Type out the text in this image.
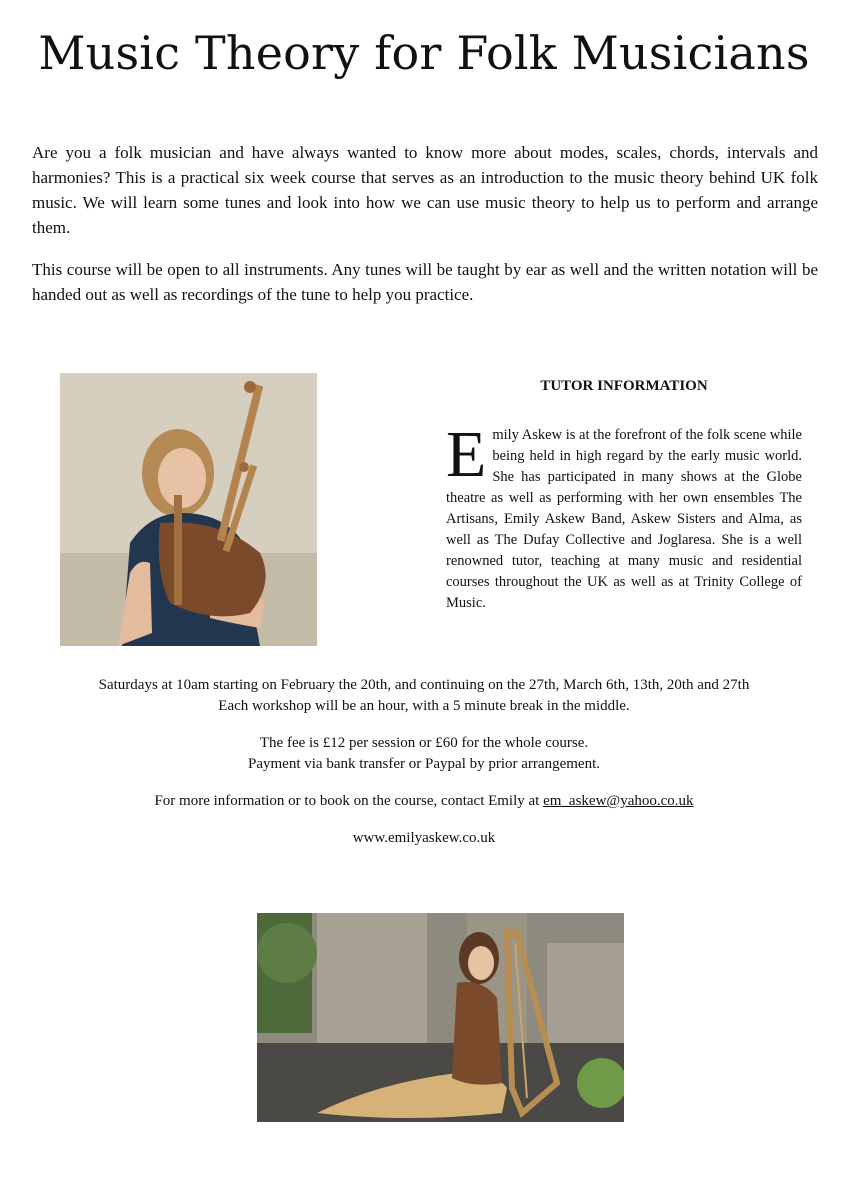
Music Theory for Folk Musicians

Are you a folk musician and have always wanted to know more about modes, scales, chords, intervals and harmonies? This is a practical six week course that serves as an introduction to the music theory behind UK folk music. We will learn some tunes and look into how we can use music theory to help us to perform and arrange them.

This course will be open to all instruments. Any tunes will be taught by ear as well and the written notation will be handed out as well as recordings of the tune to help you practice.

TUTOR INFORMATION

Emily Askew is at the forefront of the folk scene while being held in high regard by the early music world. She has participated in many shows at the Globe theatre as well as performing with her own ensembles The Artisans, Emily Askew Band, Askew Sisters and Alma, as well as The Dufay Collective and Joglaresa. She is a well renowned tutor, teaching at many music and residential courses throughout the UK as well as at Trinity College of Music.

Saturdays at 10am starting on February the 20th, and continuing on the 27th, March 6th, 13th, 20th and 27th

Each workshop will be an hour, with a 5 minute break in the middle.

The fee is £12 per session or £60 for the whole course.

Payment via bank transfer or Paypal by prior arrangement.

For more information or to book on the course, contact Emily at em_askew@yahoo.co.uk

www.emilyaskew.co.uk
